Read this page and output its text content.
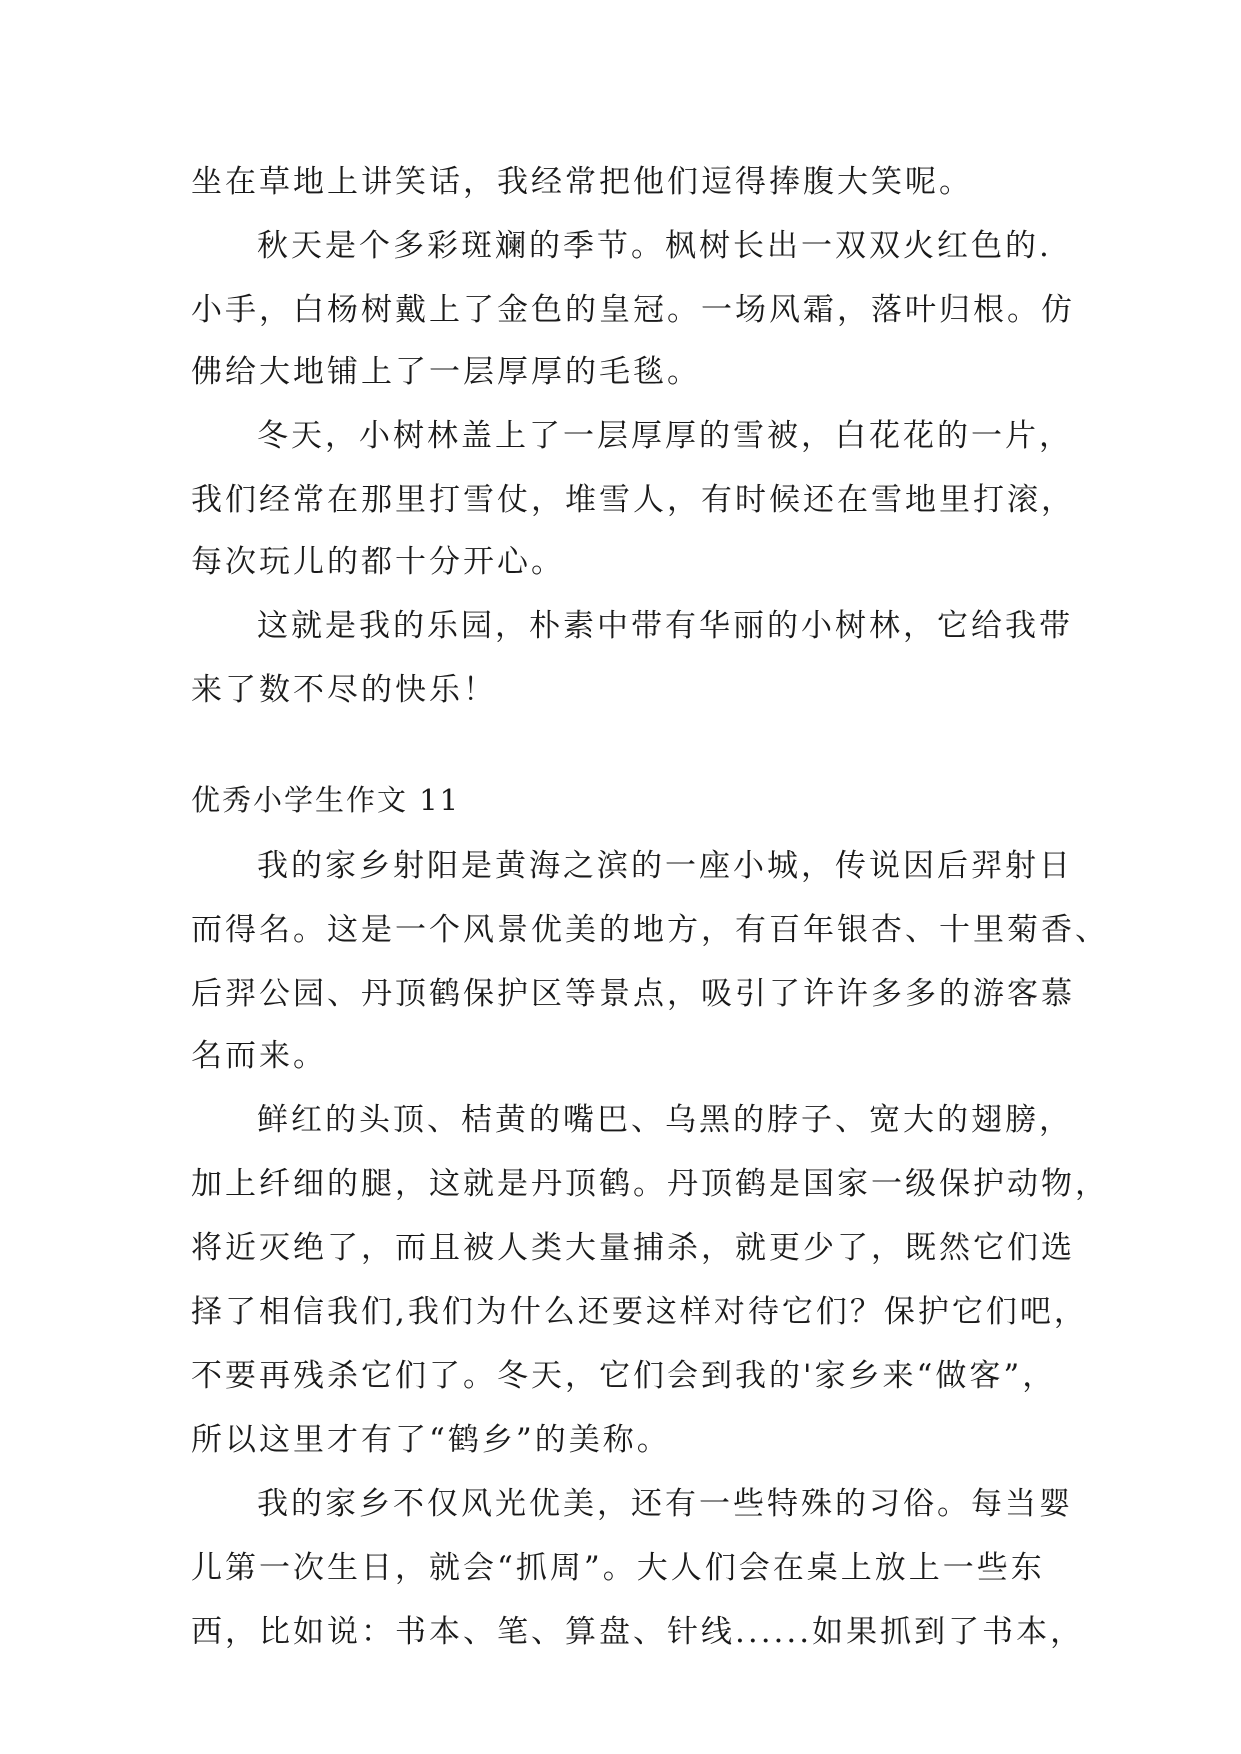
坐在草地上讲笑话，我经常把他们逗得捧腹大笑呢。
秋天是个多彩斑斓的季节。枫树长出一双双火红色的.
小手，白杨树戴上了金色的皇冠。一场风霜，落叶归根。仿
佛给大地铺上了一层厚厚的毛毯。
冬天，小树林盖上了一层厚厚的雪被，白花花的一片，
我们经常在那里打雪仗，堆雪人，有时候还在雪地里打滚，
每次玩儿的都十分开心。
这就是我的乐园，朴素中带有华丽的小树林，它给我带
来了数不尽的快乐！
优秀小学生作文 11
我的家乡射阳是黄海之滨的一座小城，传说因后羿射日
而得名。这是一个风景优美的地方，有百年银杏、十里菊香、
后羿公园、丹顶鹤保护区等景点，吸引了许许多多的游客慕
名而来。
鲜红的头顶、桔黄的嘴巴、乌黑的脖子、宽大的翅膀，
加上纤细的腿，这就是丹顶鹤。丹顶鹤是国家一级保护动物，
将近灭绝了，而且被人类大量捕杀，就更少了，既然它们选
择了相信我们,我们为什么还要这样对待它们？保护它们吧，
不要再残杀它们了。冬天，它们会到我的'家乡来“做客”，
所以这里才有了“鹤乡”的美称。
我的家乡不仅风光优美，还有一些特殊的习俗。每当婴
儿第一次生日，就会“抓周”。大人们会在桌上放上一些东
西，比如说：书本、笔、算盘、针线......如果抓到了书本，
